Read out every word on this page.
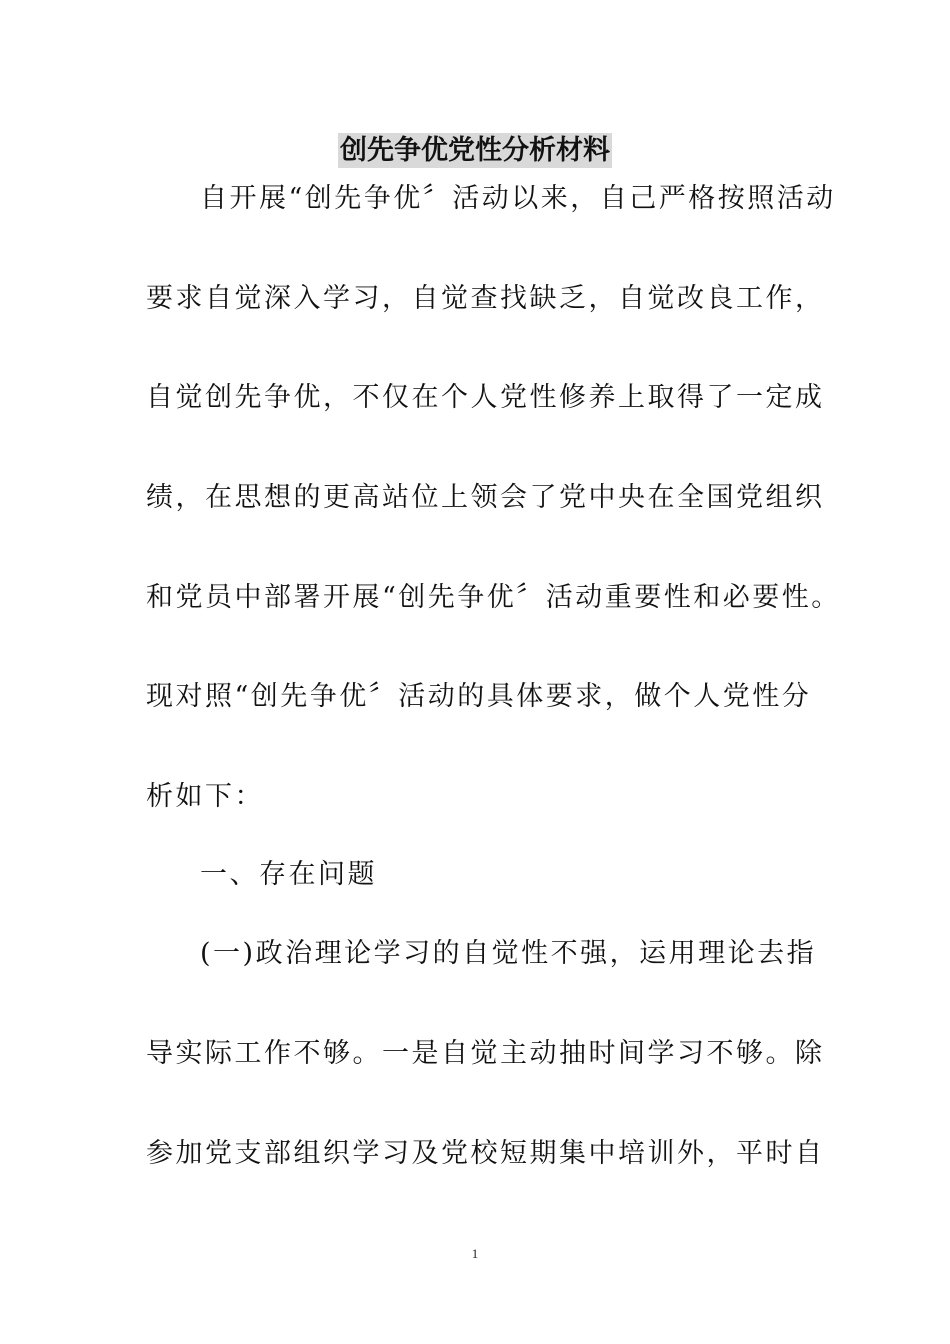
创先争优党性分析材料
自开展“创先争优〞活动以来，自己严格按照活动
要求自觉深入学习，自觉查找缺乏，自觉改良工作，
自觉创先争优，不仅在个人党性修养上取得了一定成
绩，在思想的更高站位上领会了党中央在全国党组织
和党员中部署开展“创先争优〞活动重要性和必要性。
现对照“创先争优〞活动的具体要求，做个人党性分
析如下：
一、存在问题
(一)政治理论学习的自觉性不强，运用理论去指
导实际工作不够。一是自觉主动抽时间学习不够。除
参加党支部组织学习及党校短期集中培训外，平时自
1
